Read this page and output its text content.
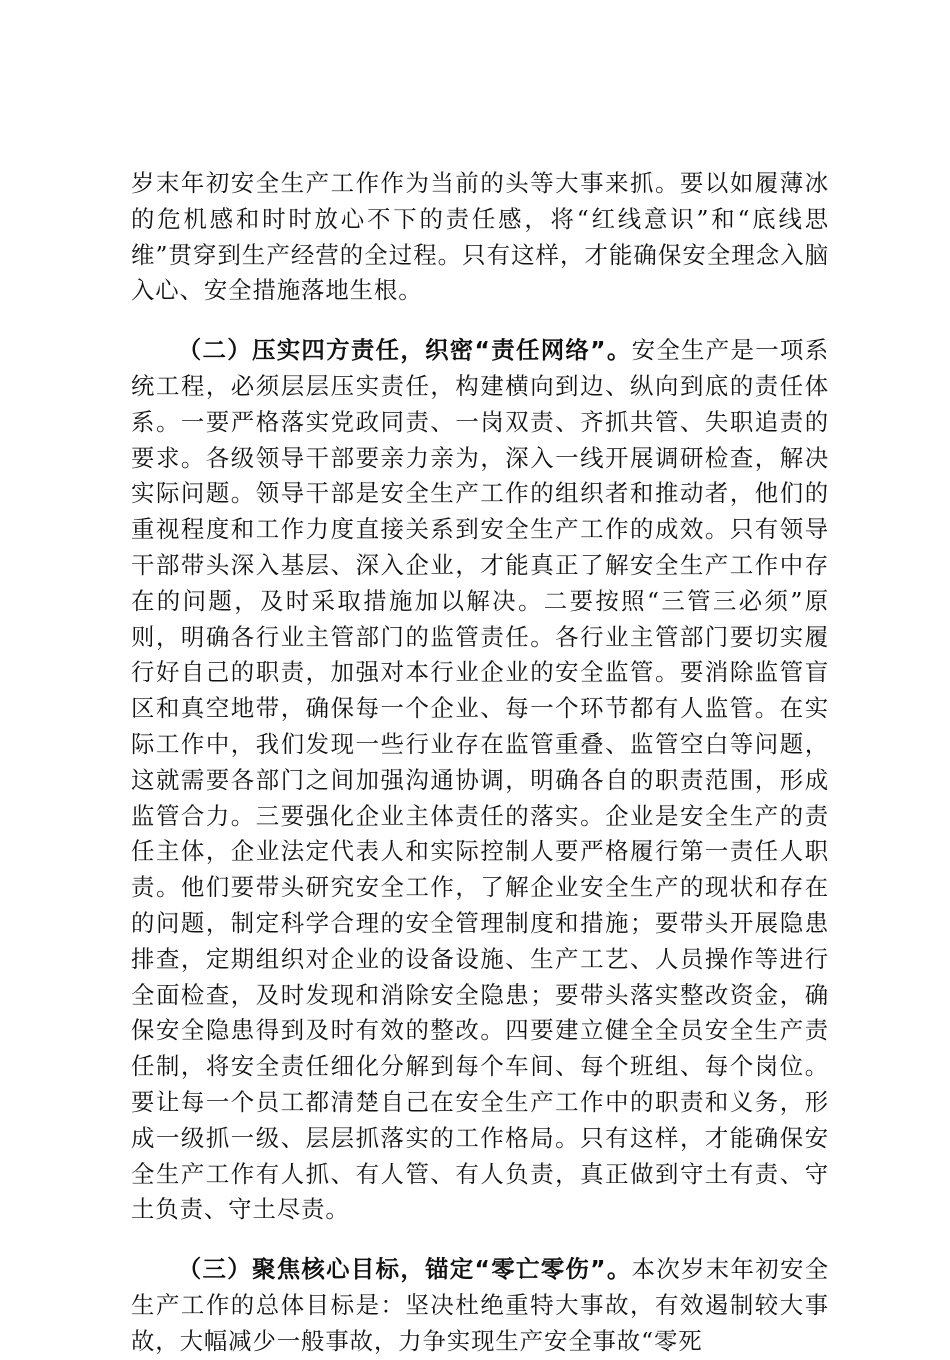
岁末年初安全生产工作作为当前的头等大事来抓。要以如履薄冰的危机感和时时放心不下的责任感，将“红线意识”和“底线思维”贯穿到生产经营的全过程。只有这样，才能确保安全理念入脑入心、安全措施落地生根。

（二）压实四方责任，织密“责任网络”。安全生产是一项系统工程，必须层层压实责任，构建横向到边、纵向到底的责任体系。一要严格落实党政同责、一岗双责、齐抓共管、失职追责的要求。各级领导干部要亲力亲为，深入一线开展调研检查，解决实际问题。领导干部是安全生产工作的组织者和推动者，他们的重视程度和工作力度直接关系到安全生产工作的成效。只有领导干部带头深入基层、深入企业，才能真正了解安全生产工作中存在的问题，及时采取措施加以解决。二要按照“三管三必须”原则，明确各行业主管部门的监管责任。各行业主管部门要切实履行好自己的职责，加强对本行业企业的安全监管。要消除监管盲区和真空地带，确保每一个企业、每一个环节都有人监管。在实际工作中，我们发现一些行业存在监管重叠、监管空白等问题，这就需要各部门之间加强沟通协调，明确各自的职责范围，形成监管合力。三要强化企业主体责任的落实。企业是安全生产的责任主体，企业法定代表人和实际控制人要严格履行第一责任人职责。他们要带头研究安全工作，了解企业安全生产的现状和存在的问题，制定科学合理的安全管理制度和措施；要带头开展隐患排查，定期组织对企业的设备设施、生产工艺、人员操作等进行全面检查，及时发现和消除安全隐患；要带头落实整改资金，确保安全隐患得到及时有效的整改。四要建立健全全员安全生产责任制，将安全责任细化分解到每个车间、每个班组、每个岗位。要让每一个员工都清楚自己在安全生产工作中的职责和义务，形成一级抓一级、层层抓落实的工作格局。只有这样，才能确保安全生产工作有人抓、有人管、有人负责，真正做到守土有责、守土负责、守土尽责。

（三）聚焦核心目标，锚定“零亡零伤”。本次岁末年初安全生产工作的总体目标是：坚决杜绝重特大事故，有效遏制较大事故，大幅减少一般事故，力争实现生产安全事故“零死
